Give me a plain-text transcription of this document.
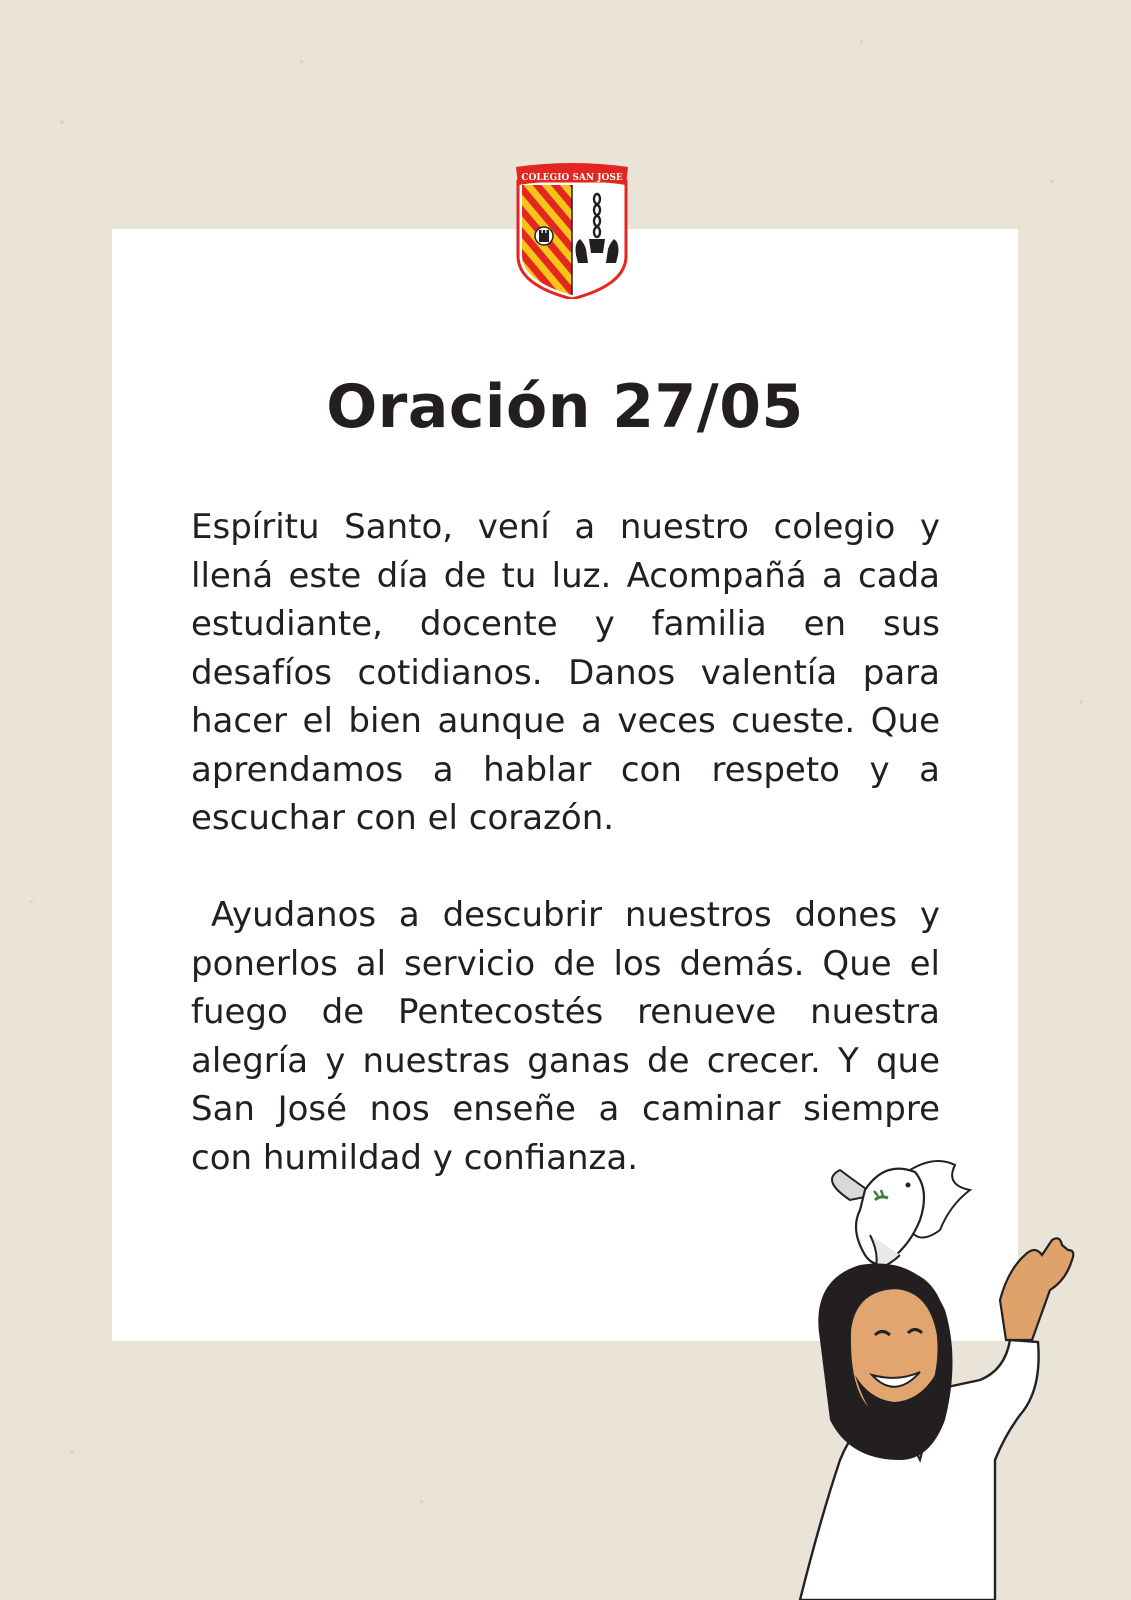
COLEGIO SAN JOSE
Oración 27/05

Espíritu Santo, vení a nuestro colegio y llená este día de tu luz. Acompañá a cada estudiante, docente y familia en sus desafíos cotidianos. Danos valentía para hacer el bien aunque a veces cueste. Que aprendamos a hablar con respeto y a escuchar con el corazón.

Ayudanos a descubrir nuestros dones y ponerlos al servicio de los demás. Que el fuego de Pentecostés renueve nuestra alegría y nuestras ganas de crecer. Y que San José nos enseñe a caminar siempre con humildad y confianza.
